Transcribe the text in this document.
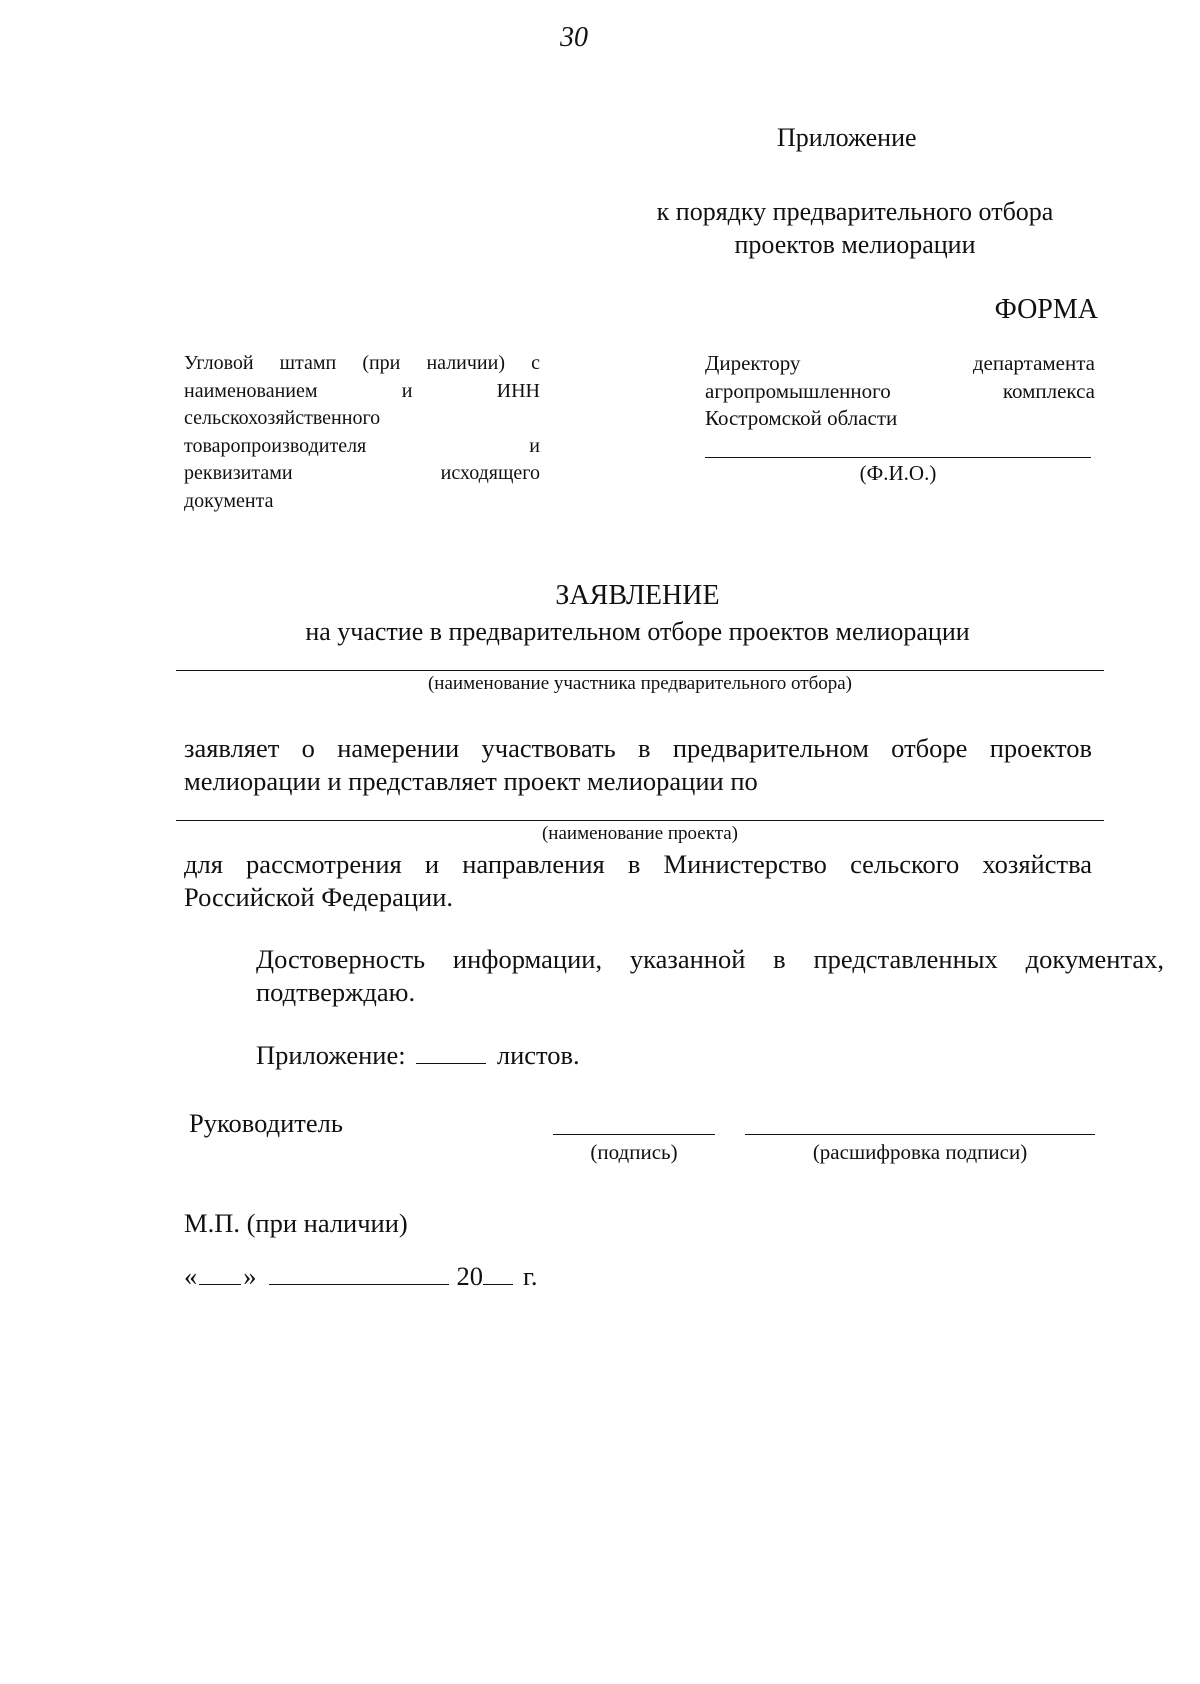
30
Приложение
к порядку предварительного отбора
проектов мелиорации
ФОРМА
Угловой штамп (при наличии) с
наименованием	и	ИНН
сельскохозяйственного
товаропроизводителя	и
реквизитами	исходящего
документа
Директору	департамента
агропромышленного	комплекса
Костромской области
(Ф.И.О.)
ЗАЯВЛЕНИЕ
на участие в предварительном отборе проектов мелиорации
(наименование участника предварительного отбора)
заявляет о намерении участвовать в предварительном отборе проектов мелиорации и представляет проект мелиорации по
(наименование проекта)
для рассмотрения и направления в Министерство сельского хозяйства Российской Федерации.
Достоверность информации, указанной в представленных документах, подтверждаю.
Приложение:	листов.
Руководитель
(подпись)	(расшифровка подписи)
М.П. (при наличии)
« »	20 г.
